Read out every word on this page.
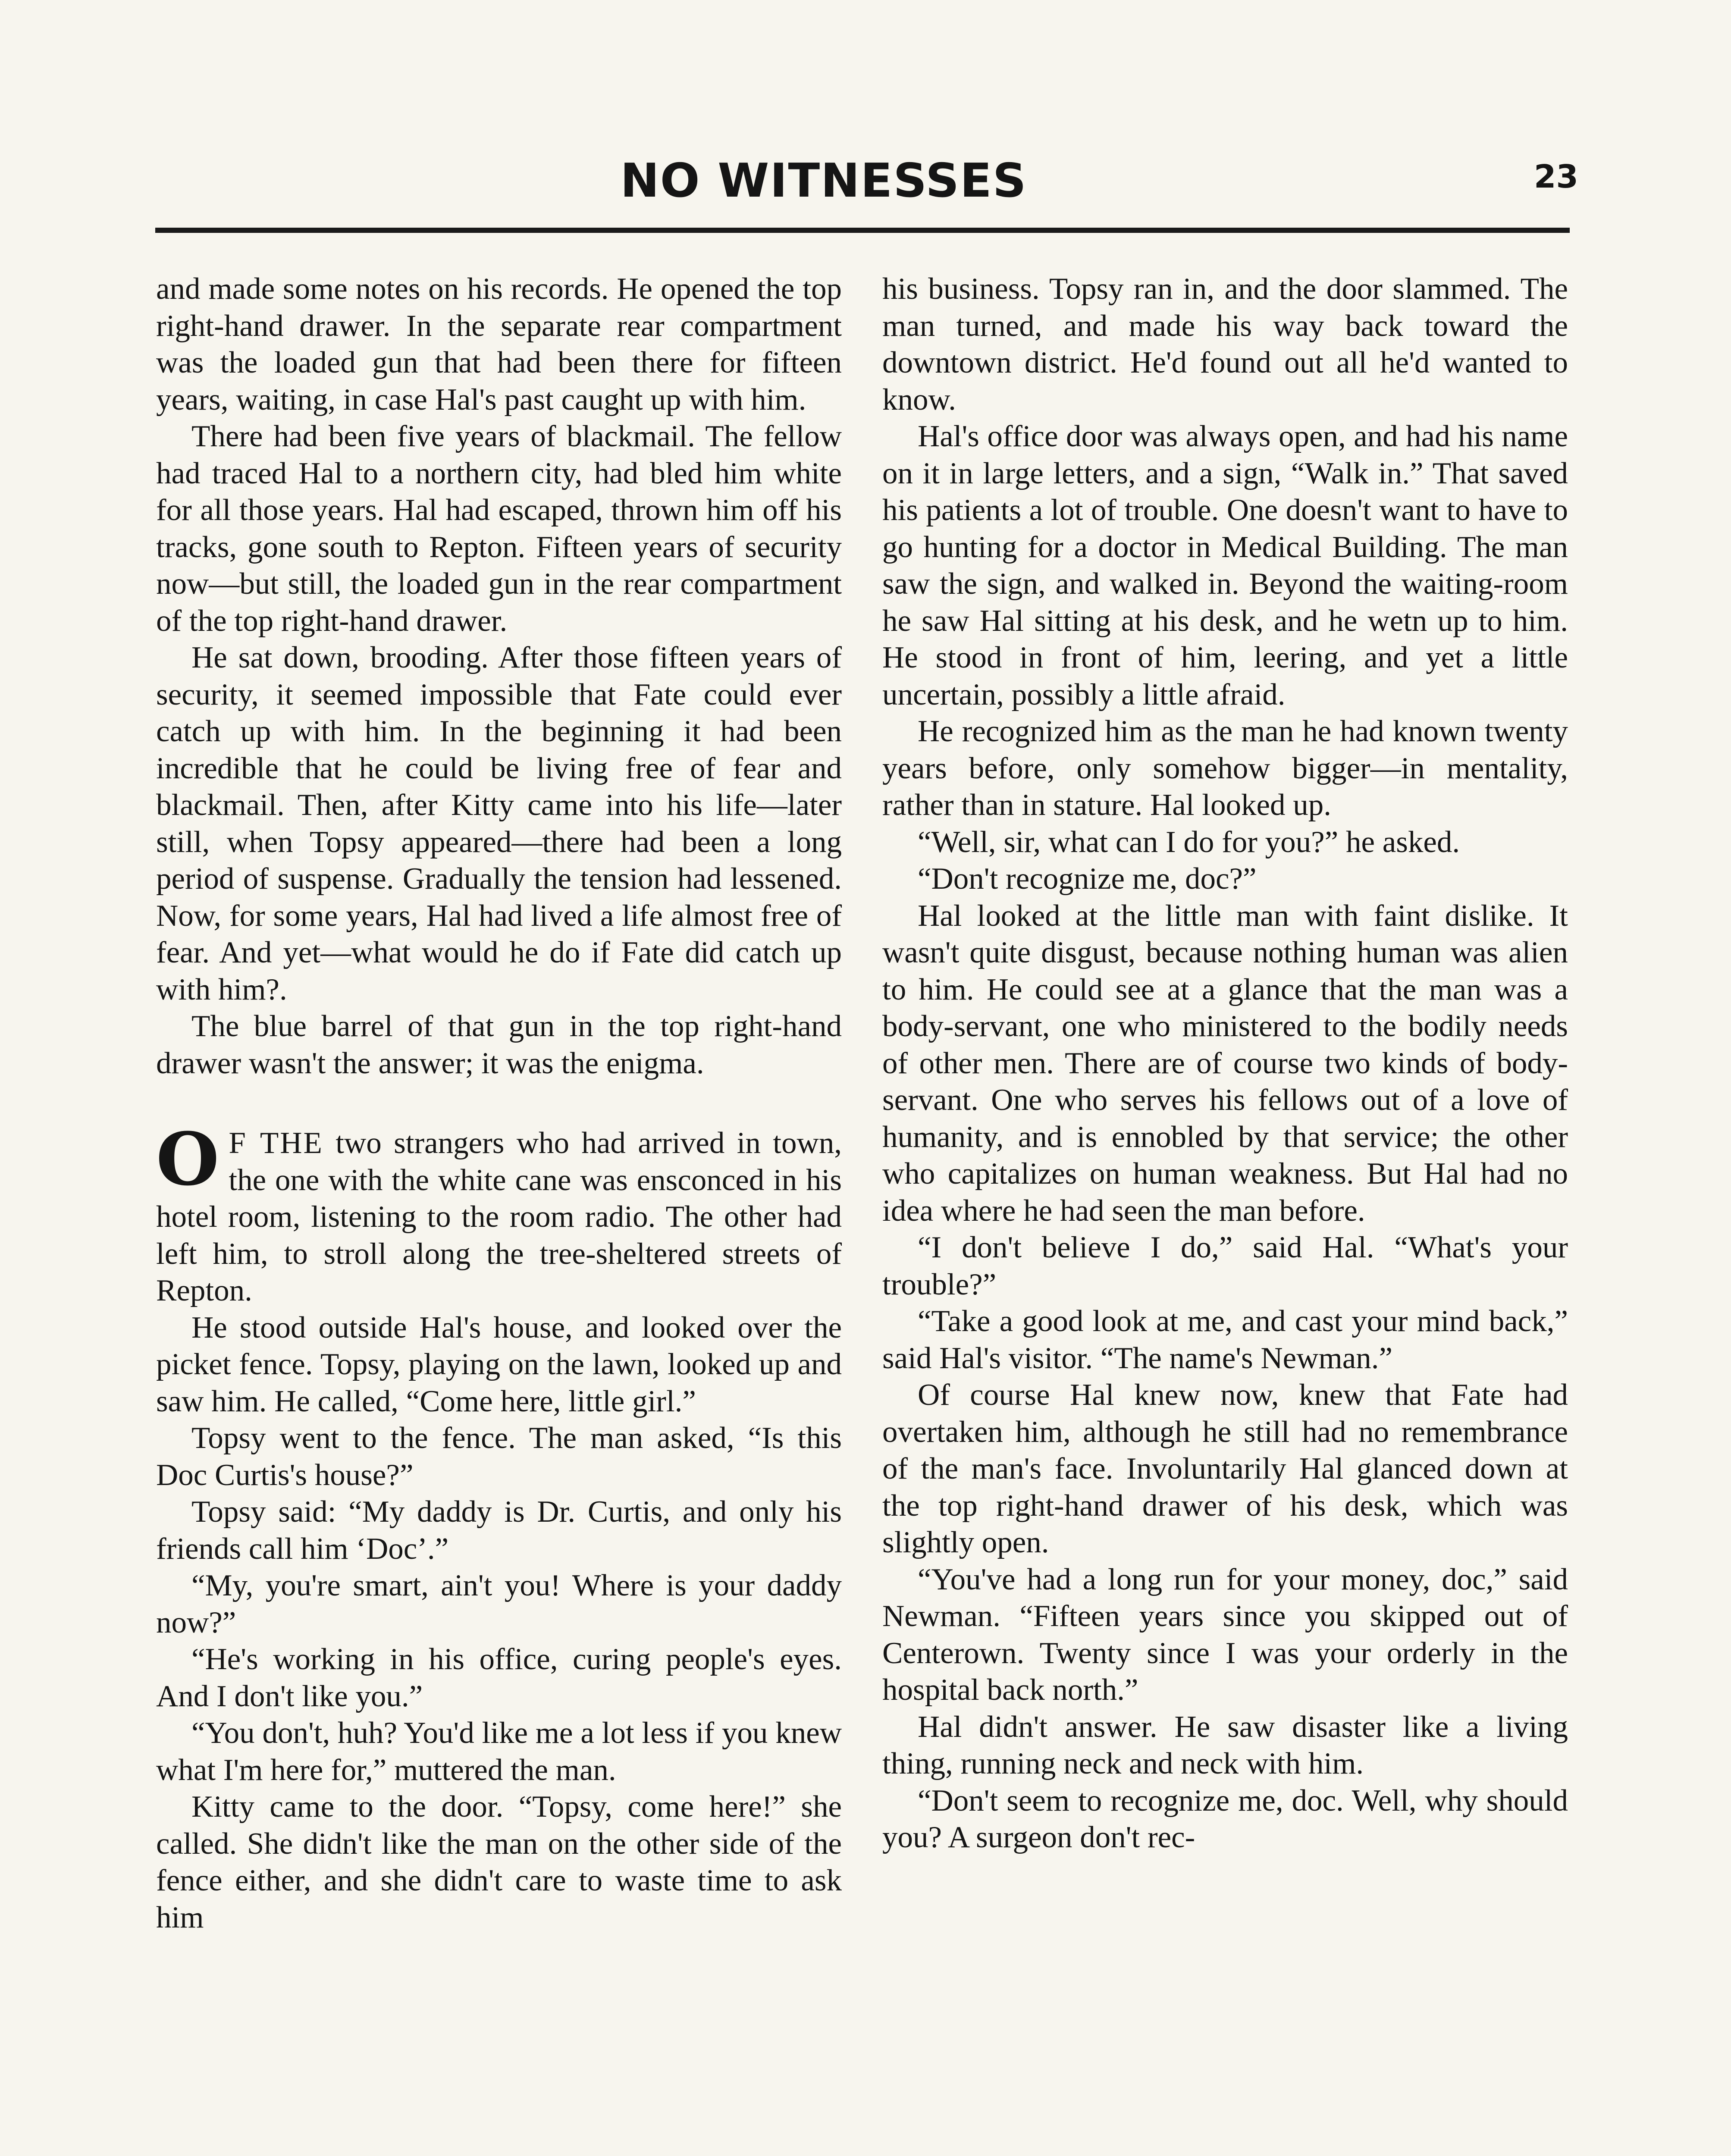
NO WITNESSES	23

and made some notes on his records. He opened the top right-hand drawer. In the separate rear compartment was the loaded gun that had been there for fifteen years, waiting, in case Hal's past caught up with him.

There had been five years of blackmail. The fellow had traced Hal to a northern city, had bled him white for all those years. Hal had escaped, thrown him off his tracks, gone south to Repton. Fifteen years of security now—but still, the loaded gun in the rear compartment of the top right-hand drawer.

He sat down, brooding. After those fifteen years of security, it seemed impossible that Fate could ever catch up with him. In the beginning it had been incredible that he could be living free of fear and blackmail. Then, after Kitty came into his life—later still, when Topsy appeared—there had been a long period of suspense. Gradually the tension had lessened. Now, for some years, Hal had lived a life almost free of fear. And yet—what would he do if Fate did catch up with him?.

The blue barrel of that gun in the top right-hand drawer wasn't the answer; it was the enigma.

O F THE two strangers who had arrived in town, the one with the white cane was ensconced in his hotel room, listening to the room radio. The other had left him, to stroll along the tree-sheltered streets of Repton.

He stood outside Hal's house, and looked over the picket fence. Topsy, playing on the lawn, looked up and saw him. He called, “Come here, little girl.”

Topsy went to the fence. The man asked, “Is this Doc Curtis's house?”

Topsy said: “My daddy is Dr. Curtis, and only his friends call him ‘Doc’.”

“My, you're smart, ain't you! Where is your daddy now?”

“He's working in his office, curing people's eyes. And I don't like you.”

“You don't, huh? You'd like me a lot less if you knew what I'm here for,” muttered the man.

Kitty came to the door. “Topsy, come here!” she called. She didn't like the man on the other side of the fence either, and she didn't care to waste time to ask him

his business. Topsy ran in, and the door slammed. The man turned, and made his way back toward the downtown district. He'd found out all he'd wanted to know.

Hal's office door was always open, and had his name on it in large letters, and a sign, “Walk in.” That saved his patients a lot of trouble. One doesn't want to have to go hunting for a doctor in Medical Building. The man saw the sign, and walked in. Beyond the waiting-room he saw Hal sitting at his desk, and he wetn up to him. He stood in front of him, leering, and yet a little uncertain, possibly a little afraid.

He recognized him as the man he had known twenty years before, only somehow bigger—in mentality, rather than in stature. Hal looked up.

“Well, sir, what can I do for you?” he asked.

“Don't recognize me, doc?”

Hal looked at the little man with faint dislike. It wasn't quite disgust, because nothing human was alien to him. He could see at a glance that the man was a body-servant, one who ministered to the bodily needs of other men. There are of course two kinds of body-servant. One who serves his fellows out of a love of humanity, and is ennobled by that service; the other who capitalizes on human weakness. But Hal had no idea where he had seen the man before.

“I don't believe I do,” said Hal. “What's your trouble?”

“Take a good look at me, and cast your mind back,” said Hal's visitor. “The name's Newman.”

Of course Hal knew now, knew that Fate had overtaken him, although he still had no remembrance of the man's face. Involuntarily Hal glanced down at the top right-hand drawer of his desk, which was slightly open.

“You've had a long run for your money, doc,” said Newman. “Fifteen years since you skipped out of Centerown. Twenty since I was your orderly in the hospital back north.”

Hal didn't answer. He saw disaster like a living thing, running neck and neck with him.

“Don't seem to recognize me, doc. Well, why should you? A surgeon don't rec-
